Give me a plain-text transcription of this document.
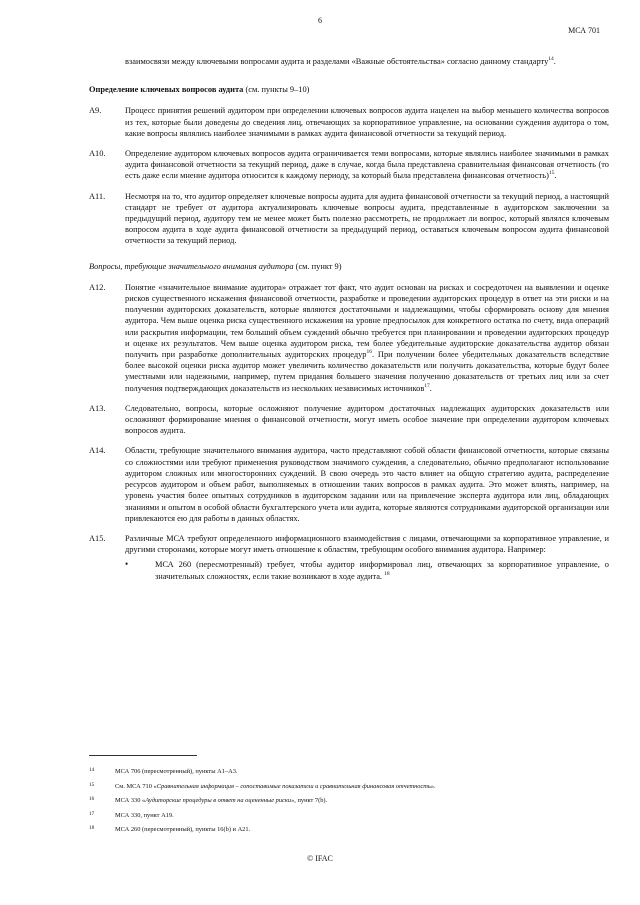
6
МСА 701

взаимосвязи между ключевыми вопросами аудита и разделами «Важные обстоятельства» согласно данному стандарту$^{14}$.

Определение ключевых вопросов аудита (см. пункты 9–10)

A9.	Процесс принятия решений аудитором при определении ключевых вопросов аудита нацелен на выбор меньшего количества вопросов из тех, которые были доведены до сведения лиц, отвечающих за корпоративное управление, на основании суждения аудитора о том, какие вопросы являлись наиболее значимыми в рамках аудита финансовой отчетности за текущий период.
A10.	Определение аудитором ключевых вопросов аудита ограничивается теми вопросами, которые являлись наиболее значимыми в рамках аудита финансовой отчетности за текущий период, даже в случае, когда была представлена сравнительная финансовая отчетность (то есть даже если мнение аудитора относится к каждому периоду, за который была представлена финансовая отчетность)$^{15}$.
A11.	Несмотря на то, что аудитор определяет ключевые вопросы аудита для аудита финансовой отчетности за текущий период, а настоящий стандарт не требует от аудитора актуализировать ключевые вопросы аудита, представленные в аудиторском заключении за предыдущий период, аудитору тем не менее может быть полезно рассмотреть, не продолжает ли вопрос, который являлся ключевым вопросом аудита в ходе аудита финансовой отчетности за предыдущий период, оставаться ключевым вопросом аудита финансовой отчетности за текущий период.

Вопросы, требующие значительного внимания аудитора (см. пункт 9)

A12.	Понятие «значительное внимание аудитора» отражает тот факт, что аудит основан на рисках и сосредоточен на выявлении и оценке рисков существенного искажения финансовой отчетности, разработке и проведении аудиторских процедур в ответ на эти риски и на получении аудиторских доказательств, которые являются достаточными и надлежащими, чтобы сформировать основу для мнения аудитора. Чем выше оценка риска существенного искажения на уровне предпосылок для конкретного остатка по счету, вида операций или раскрытия информации, тем больший объем суждений обычно требуется при планировании и проведении аудиторских процедур и оценке их результатов. Чем выше оценка аудитором риска, тем более убедительные аудиторские доказательства аудитор обязан получить при разработке дополнительных аудиторских процедур$^{16}$. При получении более убедительных доказательств вследствие более высокой оценки риска аудитор может увеличить количество доказательств или получить доказательства, которые будут более уместными или надежными, например, путем придания большего значения получению доказательств от третьих лиц или за счет получения подтверждающих доказательств из нескольких независимых источников$^{17}$.
A13.	Следовательно, вопросы, которые осложняют получение аудитором достаточных надлежащих аудиторских доказательств или осложняют формирование мнения о финансовой отчетности, могут иметь особое значение при определении аудитором ключевых вопросов аудита.
A14.	Области, требующие значительного внимания аудитора, часто представляют собой области финансовой отчетности, которые связаны со сложностями или требуют применения руководством значимого суждения, а следовательно, обычно предполагают использование аудитором сложных или многосторонних суждений. В свою очередь это часто влияет на общую стратегию аудита, распределение ресурсов аудитором и объем работ, выполняемых в отношении таких вопросов в рамках аудита. Это может влиять, например, на уровень участия более опытных сотрудников в аудиторском задании или на привлечение эксперта аудитора или лиц, обладающих знаниями и опытом в особой области бухгалтерского учета или аудита, которые являются сотрудниками аудиторской организации или привлекаются ею для работы в данных областях.
A15.	Различные МСА требуют определенного информационного взаимодействия с лицами, отвечающими за корпоративное управление, и другими сторонами, которые могут иметь отношение к областям, требующим особого внимания аудитора. Например:
•	МСА 260 (пересмотренный) требует, чтобы аудитор информировал лиц, отвечающих за корпоративное управление, о значительных сложностях, если такие возникают в ходе аудита. $^{18}$
14	МСА 706 (пересмотренный), пункты A1–A3.
15	См. МСА 710 «Сравнительная информация – сопоставимые показатели и сравнительная финансовая отчетность».
16	МСА 330 «Аудиторские процедуры в ответ на оцененные риски», пункт 7(b).
17	МСА 330, пункт A19.
18	МСА 260 (пересмотренный), пункты 16(b) и A21.
© IFAC
